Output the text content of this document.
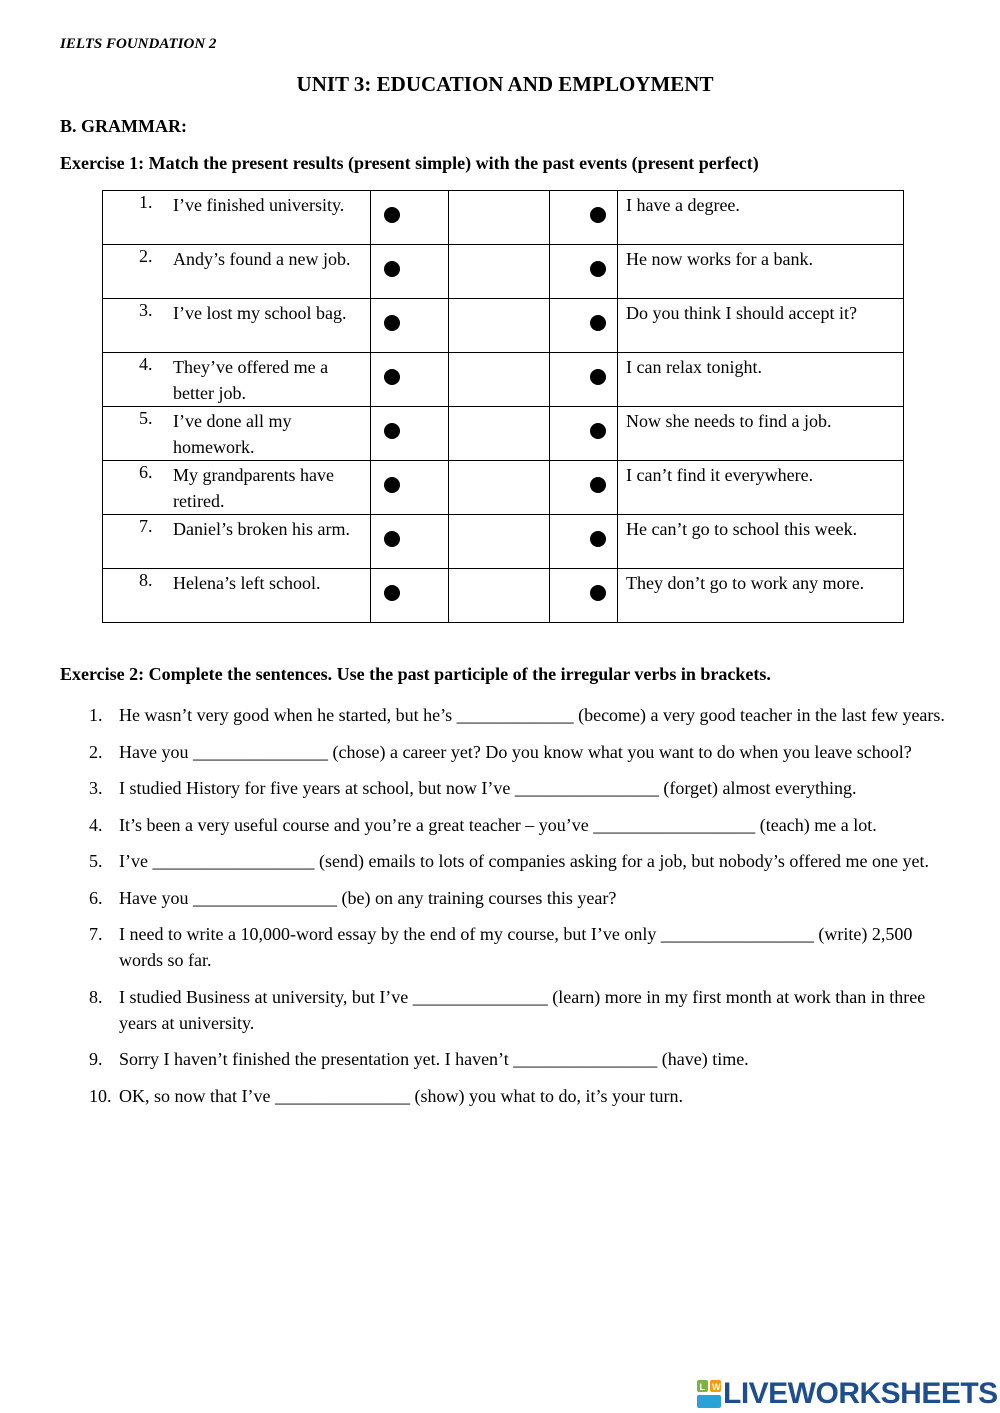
IELTS FOUNDATION 2
UNIT 3: EDUCATION AND EMPLOYMENT
B. GRAMMAR:
Exercise 1: Match the present results (present simple) with the past events (present perfect)
1. I’ve finished university.				I have a degree.

2. Andy’s found a new job.				He now works for a bank.

3. I’ve lost my school bag.				Do you think I should accept it?

4. They’ve offered me a better job.				I can relax tonight.

5. I’ve done all my homework.				Now she needs to find a job.

6. My grandparents have retired.				I can’t find it everywhere.

7. Daniel’s broken his arm.				He can’t go to school this week.

8. Helena’s left school.				They don’t go to work any more.
Exercise 2: Complete the sentences. Use the past participle of the irregular verbs in brackets.
1. He wasn’t very good when he started, but he’s _____________ (become) a very good teacher in the last few years.
2. Have you _______________ (chose) a career yet? Do you know what you want to do when you leave school?
3. I studied History for five years at school, but now I’ve ________________ (forget) almost everything.
4. It’s been a very useful course and you’re a great teacher – you’ve __________________ (teach) me a lot.
5. I’ve __________________ (send) emails to lots of companies asking for a job, but nobody’s offered me one yet.
6. Have you ________________ (be) on any training courses this year?
7. I need to write a 10,000-word essay by the end of my course, but I’ve only _________________ (write) 2,500 words so far.
8. I studied Business at university, but I’ve _______________ (learn) more in my first month at work than in three years at university.
9. Sorry I haven’t finished the presentation yet. I haven’t ________________ (have) time.
10. OK, so now that I’ve _______________ (show) you what to do, it’s your turn.
L W LIVEWORKSHEETS
